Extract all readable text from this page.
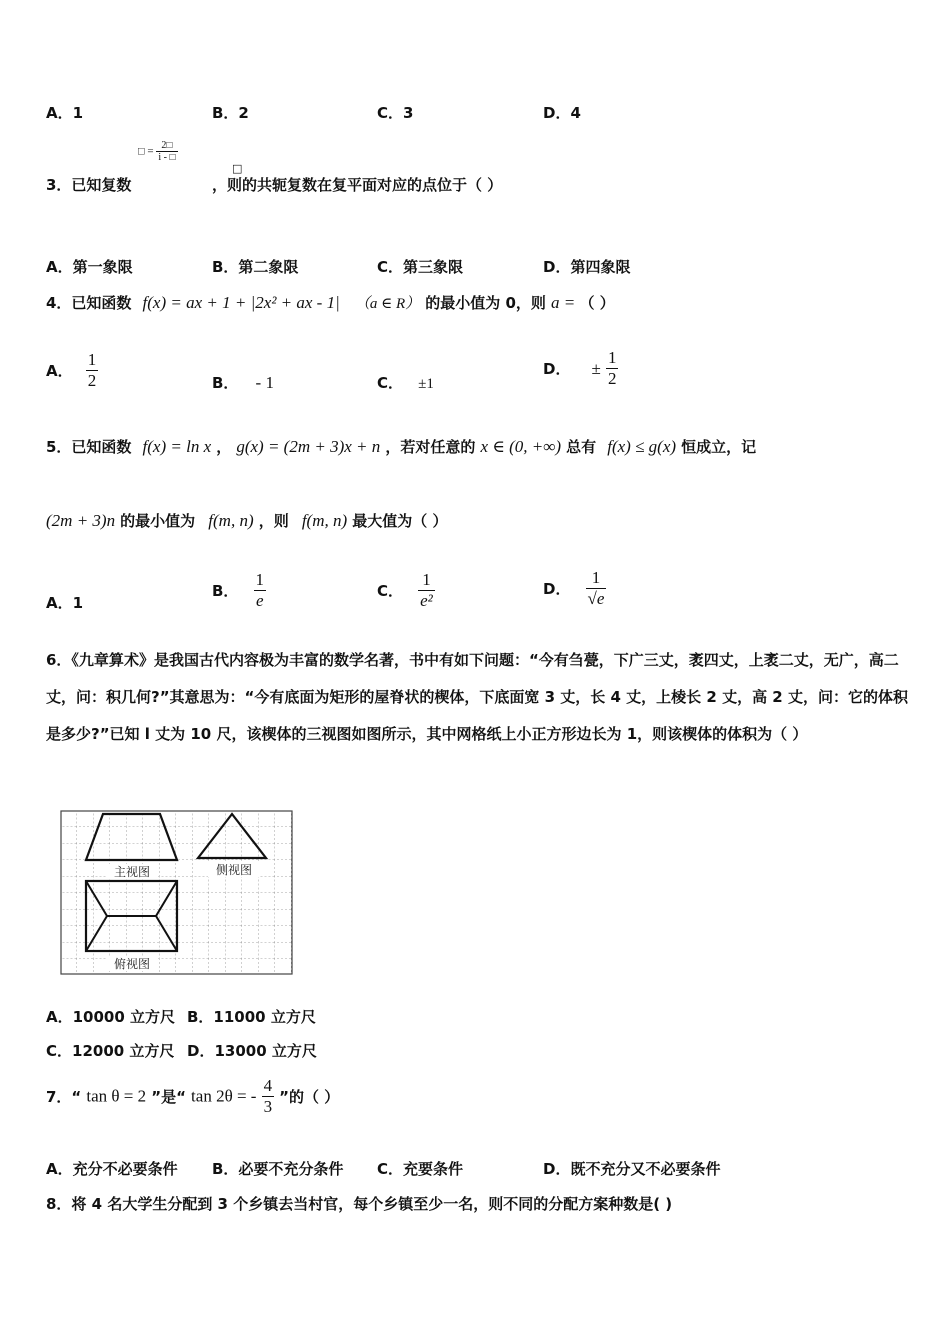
A．1	B．2	C．3	D．4
3．已知复数
□ = $\frac{2□}{i - □}$
，则
□
的共轭复数在复平面对应的点位于（ ）
A．第一象限	B．第二象限	C．第三象限	D．第四象限
4．已知函数 f(x) = ax + 1 + |2x² + ax - 1| （a ∈ R） 的最小值为 0，则 a = （ ）
A． $\frac{1}{2}$	B． - 1	C． ±1
D． ± $\frac{1}{2}$
5．已知函数 f(x) = ln x ， g(x) = (2m + 3)x + n ，若对任意的 x ∈ (0, +∞) 总有 f(x) ≤ g(x) 恒成立，记
(2m + 3)n 的最小值为 f(m, n) ，则 f(m, n) 最大值为（ ）
A．1
B． $\frac{1}{e}$	C． $\frac{1}{\text{e²}}$	D． $\frac{1}{√e}$
6．《九章算术》是我国古代内容极为丰富的数学名著，书中有如下问题：“今有刍甍，下广三丈，袤四丈，上袤二丈，无广，高二丈，问：积几何?”其意思为：“今有底面为矩形的屋脊状的楔体，下底面宽 3 丈，长 4 丈，上棱长 2 丈，高 2 丈，问：它的体积是多少?”已知 l 丈为 10 尺，该楔体的三视图如图所示，其中网格纸上小正方形边长为 1，则该楔体的体积为（ ）
主视图	侧视图
俯视图
A．10000 立方尺 B．11000 立方尺
C．12000 立方尺 D．13000 立方尺
7．“ tan θ = 2 ”是“ tan 2θ = - $\frac{4}{3}$ ”的（ ）
A．充分不必要条件 B．必要不充分条件 C．充要条件	D．既不充分又不必要条件
8．将 4 名大学生分配到 3 个乡镇去当村官，每个乡镇至少一名，则不同的分配方案种数是( )
